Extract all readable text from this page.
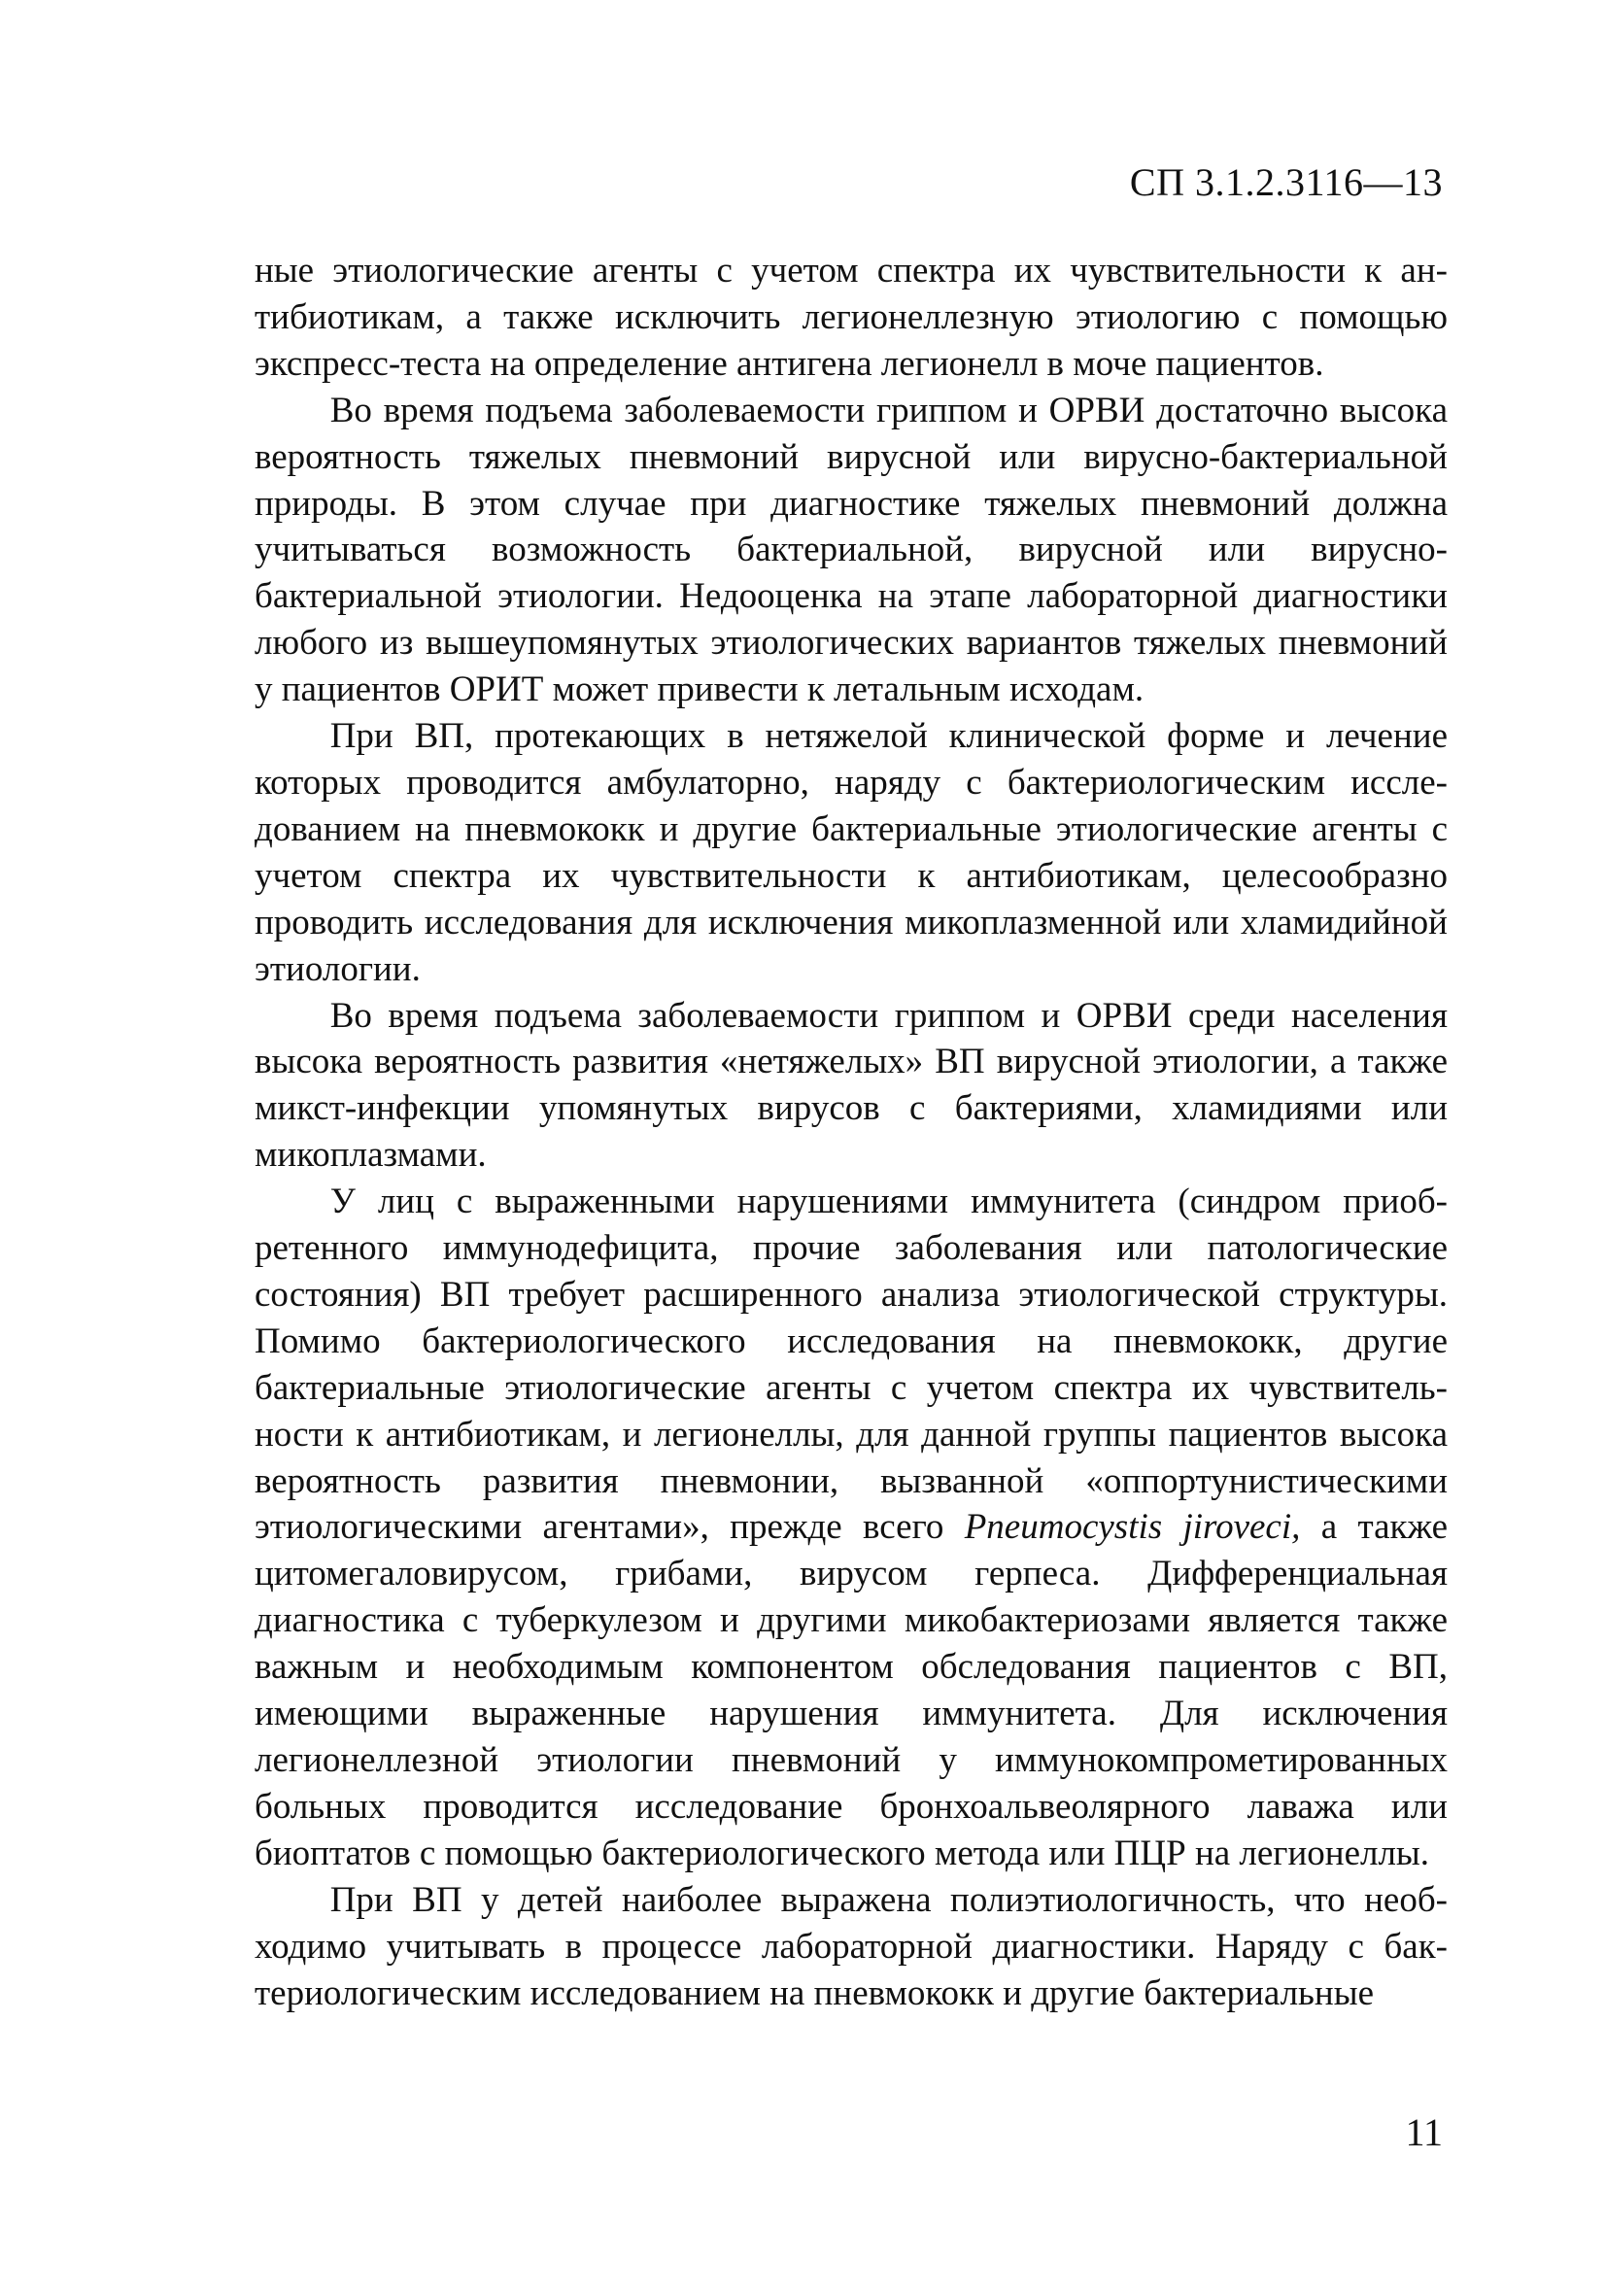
СП 3.1.2.3116—13

ные этиологические агенты с учетом спектра их чувствительности к антибиотикам, а также исключить легионеллезную этиологию с помощью экспресс-теста на определение антигена легионелл в моче пациентов.

Во время подъема заболеваемости гриппом и ОРВИ достаточно высока вероятность тяжелых пневмоний вирусной или вирусно-бактериальной природы. В этом случае при диагностике тяжелых пневмоний должна учитываться возможность бактериальной, вирусной или вирусно-бактериальной этиологии. Недооценка на этапе лабораторной диагностики любого из вышеупомянутых этиологических вариантов тяжелых пневмоний у пациентов ОРИТ может привести к летальным исходам.

При ВП, протекающих в нетяжелой клинической форме и лечение которых проводится амбулаторно, наряду с бактериологическим исследованием на пневмококк и другие бактериальные этиологические агенты с учетом спектра их чувствительности к антибиотикам, целесообразно проводить исследования для исключения микоплазменной или хламидийной этиологии.

Во время подъема заболеваемости гриппом и ОРВИ среди населения высока вероятность развития «нетяжелых» ВП вирусной этиологии, а также микст-инфекции упомянутых вирусов с бактериями, хламидиями или микоплазмами.

У лиц с выраженными нарушениями иммунитета (синдром приобретенного иммунодефицита, прочие заболевания или патологические состояния) ВП требует расширенного анализа этиологической структуры. Помимо бактериологического исследования на пневмококк, другие бактериальные этиологические агенты с учетом спектра их чувствительности к антибиотикам, и легионеллы, для данной группы пациентов высока вероятность развития пневмонии, вызванной «оппортунистическими этиологическими агентами», прежде всего Pneumocystis jiroveci, а также цитомегаловирусом, грибами, вирусом герпеса. Дифференциальная диагностика с туберкулезом и другими микобактериозами является также важным и необходимым компонентом обследования пациентов с ВП, имеющими выраженные нарушения иммунитета. Для исключения легионеллезной этиологии пневмоний у иммунокомпрометированных больных проводится исследование бронхоальвеолярного лаважа или биоптатов с помощью бактериологического метода или ПЦР на легионеллы.

При ВП у детей наиболее выражена полиэтиологичность, что необходимо учитывать в процессе лабораторной диагностики. Наряду с бактериологическим исследованием на пневмококк и другие бактериальные

11
